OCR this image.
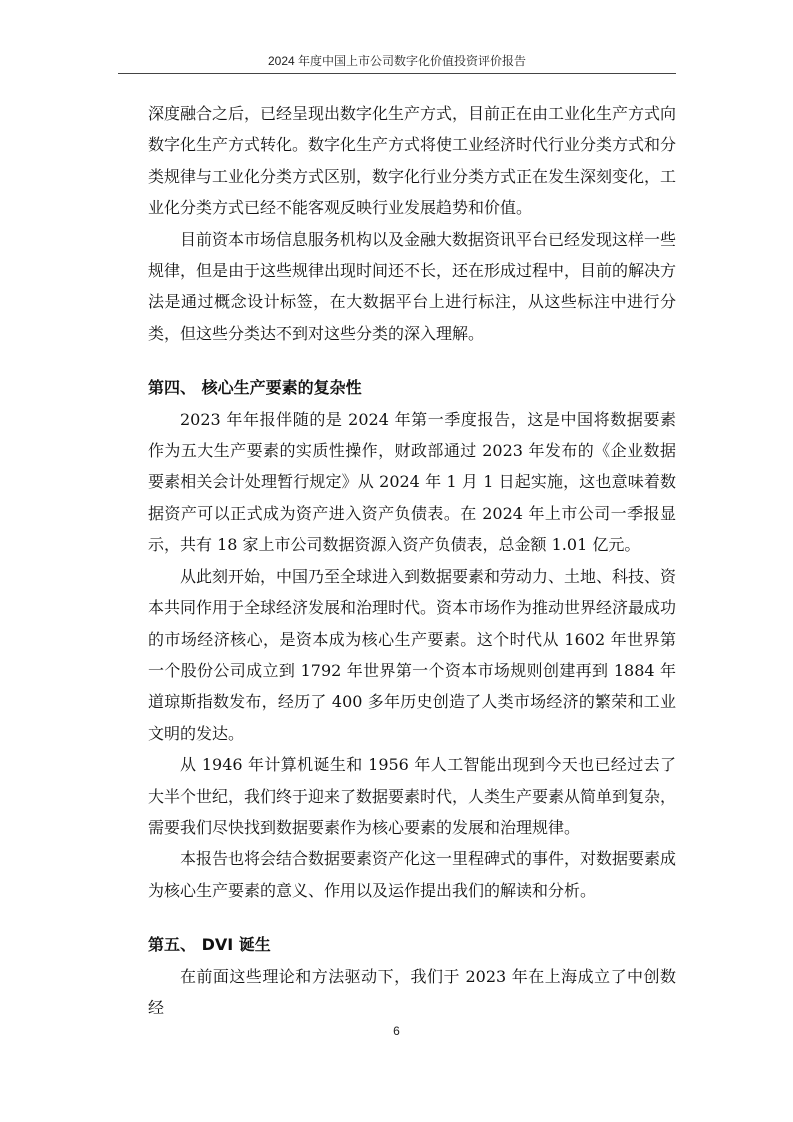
2024 年度中国上市公司数字化价值投资评价报告

深度融合之后，已经呈现出数字化生产方式，目前正在由工业化生产方式向数字化生产方式转化。数字化生产方式将使工业经济时代行业分类方式和分类规律与工业化分类方式区别，数字化行业分类方式正在发生深刻变化，工业化分类方式已经不能客观反映行业发展趋势和价值。

目前资本市场信息服务机构以及金融大数据资讯平台已经发现这样一些规律，但是由于这些规律出现时间还不长，还在形成过程中，目前的解决方法是通过概念设计标签，在大数据平台上进行标注，从这些标注中进行分类，但这些分类达不到对这些分类的深入理解。

第四、 核心生产要素的复杂性

2023 年年报伴随的是 2024 年第一季度报告，这是中国将数据要素作为五大生产要素的实质性操作，财政部通过 2023 年发布的《企业数据要素相关会计处理暂行规定》从 2024 年 1 月 1 日起实施，这也意味着数据资产可以正式成为资产进入资产负债表。在 2024 年上市公司一季报显示，共有 18 家上市公司数据资源入资产负债表，总金额 1.01 亿元。

从此刻开始，中国乃至全球进入到数据要素和劳动力、土地、科技、资本共同作用于全球经济发展和治理时代。资本市场作为推动世界经济最成功的市场经济核心，是资本成为核心生产要素。这个时代从 1602 年世界第一个股份公司成立到 1792 年世界第一个资本市场规则创建再到 1884 年道琼斯指数发布，经历了 400 多年历史创造了人类市场经济的繁荣和工业文明的发达。

从 1946 年计算机诞生和 1956 年人工智能出现到今天也已经过去了大半个世纪，我们终于迎来了数据要素时代，人类生产要素从简单到复杂，需要我们尽快找到数据要素作为核心要素的发展和治理规律。

本报告也将会结合数据要素资产化这一里程碑式的事件，对数据要素成为核心生产要素的意义、作用以及运作提出我们的解读和分析。

第五、 DVI 诞生

在前面这些理论和方法驱动下，我们于 2023 年在上海成立了中创数经

6
